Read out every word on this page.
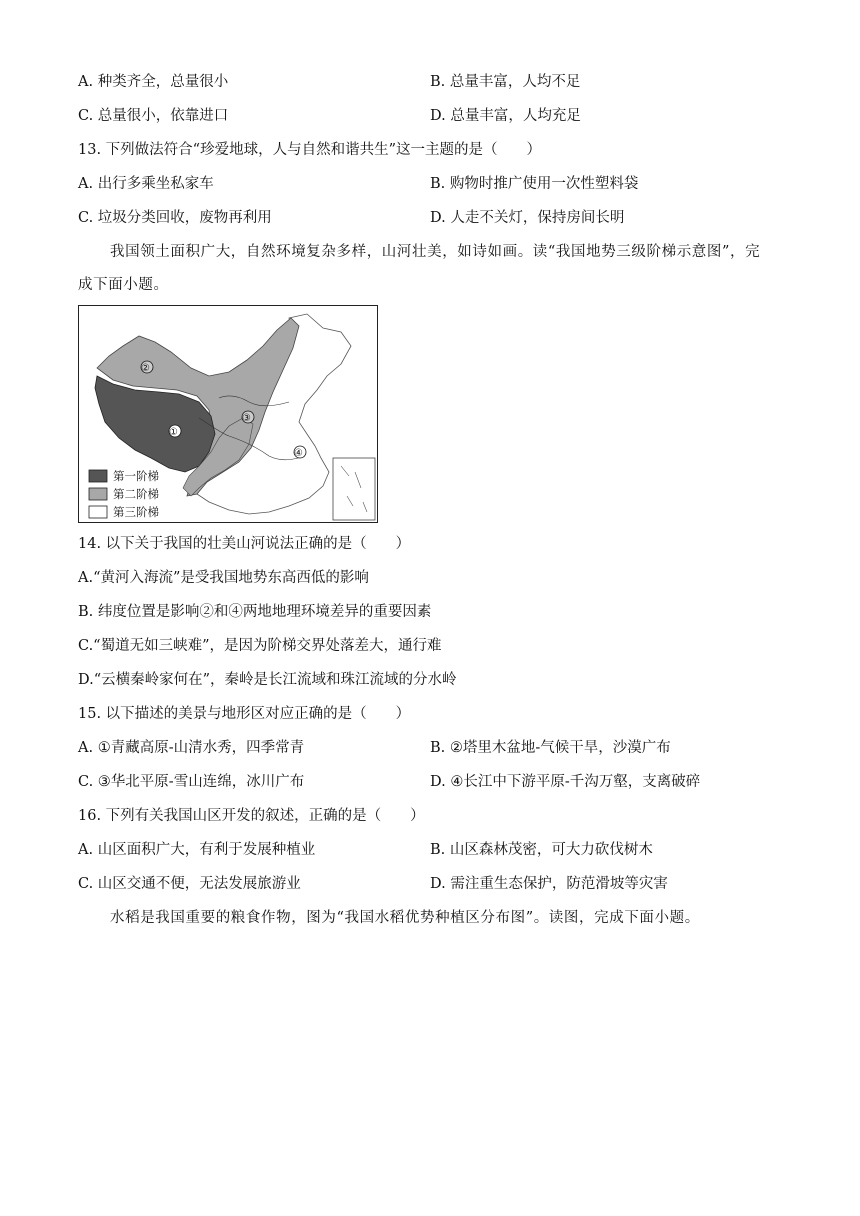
A. 种类齐全，总量很小	B. 总量丰富，人均不足
C. 总量很小，依靠进口	D. 总量丰富，人均充足
13. 下列做法符合“珍爱地球，人与自然和谐共生”这一主题的是（　　）
A. 出行多乘坐私家车	B. 购物时推广使用一次性塑料袋
C. 垃圾分类回收，废物再利用	D. 人走不关灯，保持房间长明
我国领土面积广大，自然环境复杂多样，山河壮美，如诗如画。读“我国地势三级阶梯示意图”，完
成下面小题。
第一阶梯
第二阶梯
第三阶梯
①
②
③
④
14. 以下关于我国的壮美山河说法正确的是（　　）
A.“黄河入海流”是受我国地势东高西低的影响
B. 纬度位置是影响②和④两地地理环境差异的重要因素
C.“蜀道无如三峡难”，是因为阶梯交界处落差大，通行难
D.“云横秦岭家何在”，秦岭是长江流域和珠江流域的分水岭
15. 以下描述的美景与地形区对应正确的是（　　）
A. ①青藏高原-山清水秀，四季常青	B. ②塔里木盆地-气候干旱，沙漠广布
C. ③华北平原-雪山连绵，冰川广布	D. ④长江中下游平原-千沟万壑，支离破碎
16. 下列有关我国山区开发的叙述，正确的是（　　）
A. 山区面积广大，有利于发展种植业	B. 山区森林茂密，可大力砍伐树木
C. 山区交通不便，无法发展旅游业	D. 需注重生态保护，防范滑坡等灾害
水稻是我国重要的粮食作物，图为“我国水稻优势种植区分布图”。读图，完成下面小题。
